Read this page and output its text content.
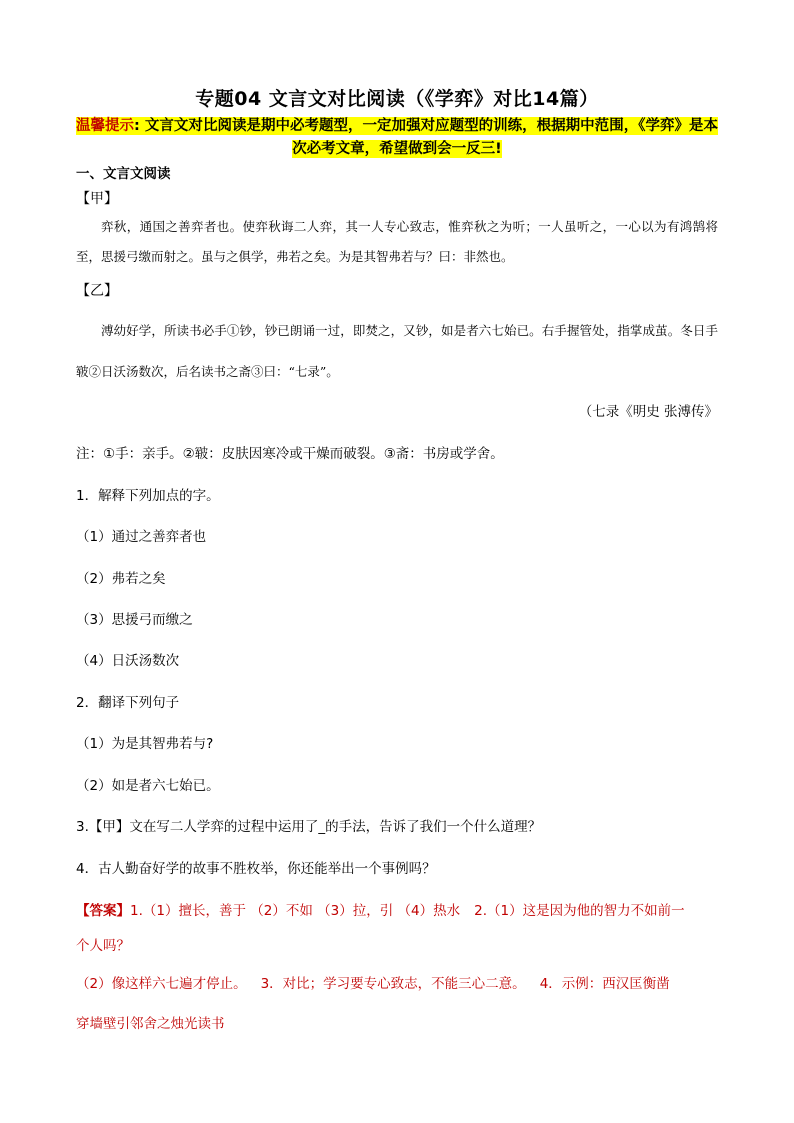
专题04 文言文对比阅读（《学弈》对比14篇）
温馨提示: 文言文对比阅读是期中必考题型，一定加强对应题型的训练，根据期中范围，《学弈》是本次必考文章，希望做到会一反三!
一、文言文阅读
【甲】
弈秋，通国之善弈者也。使弈秋诲二人弈，其一人专心致志，惟弈秋之为听；一人虽听之，一心以为有鸿鹄将至，思援弓缴而射之。虽与之俱学，弗若之矣。为是其智弗若与？曰：非然也。
【乙】
溥幼好学，所读书必手①钞，钞已朗诵一过，即焚之，又钞，如是者六七始已。右手握管处，指掌成茧。冬日手皲②日沃汤数次，后名读书之斋③曰：“七录”。
（七录《明史 张溥传》
注：①手：亲手。②皲：皮肤因寒冷或干燥而破裂。③斋：书房或学舍。
1．解释下列加点的字。
（1）通过之善弈者也
（2）弗若之矣
（3）思援弓而缴之
（4）日沃汤数次
2．翻译下列句子
（1）为是其智弗若与?
（2）如是者六七始已。
3.【甲】文在写二人学弈的过程中运用了_的手法，告诉了我们一个什么道理？
4．古人勤奋好学的故事不胜枚举，你还能举出一个事例吗？
【答案】1.（1）擅长，善于 （2）不如 （3）拉，引 （4）热水 2.（1）这是因为他的智力不如前一
个人吗？
（2）像这样六七遍才停止。 3．对比；学习要专心致志，不能三心二意。 4．示例：西汉匡衡凿
穿墙壁引邻舍之烛光读书
